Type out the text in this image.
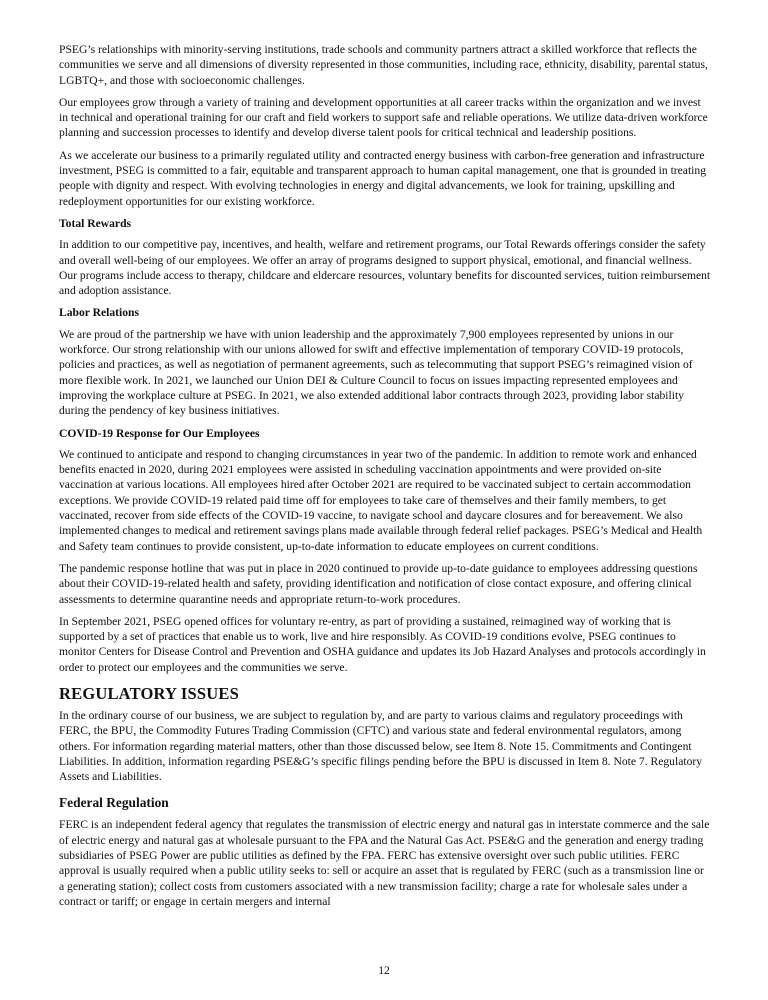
PSEG’s relationships with minority-serving institutions, trade schools and community partners attract a skilled workforce that reflects the communities we serve and all dimensions of diversity represented in those communities, including race, ethnicity, disability, parental status, LGBTQ+, and those with socioeconomic challenges.

Our employees grow through a variety of training and development opportunities at all career tracks within the organization and we invest in technical and operational training for our craft and field workers to support safe and reliable operations. We utilize data-driven workforce planning and succession processes to identify and develop diverse talent pools for critical technical and leadership positions.

As we accelerate our business to a primarily regulated utility and contracted energy business with carbon-free generation and infrastructure investment, PSEG is committed to a fair, equitable and transparent approach to human capital management, one that is grounded in treating people with dignity and respect. With evolving technologies in energy and digital advancements, we look for training, upskilling and redeployment opportunities for our existing workforce.

Total Rewards

In addition to our competitive pay, incentives, and health, welfare and retirement programs, our Total Rewards offerings consider the safety and overall well-being of our employees. We offer an array of programs designed to support physical, emotional, and financial wellness. Our programs include access to therapy, childcare and eldercare resources, voluntary benefits for discounted services, tuition reimbursement and adoption assistance.

Labor Relations

We are proud of the partnership we have with union leadership and the approximately 7,900 employees represented by unions in our workforce. Our strong relationship with our unions allowed for swift and effective implementation of temporary COVID-19 protocols, policies and practices, as well as negotiation of permanent agreements, such as telecommuting that support PSEG’s reimagined vision of more flexible work. In 2021, we launched our Union DEI & Culture Council to focus on issues impacting represented employees and improving the workplace culture at PSEG. In 2021, we also extended additional labor contracts through 2023, providing labor stability during the pendency of key business initiatives.

COVID-19 Response for Our Employees

We continued to anticipate and respond to changing circumstances in year two of the pandemic. In addition to remote work and enhanced benefits enacted in 2020, during 2021 employees were assisted in scheduling vaccination appointments and were provided on-site vaccination at various locations. All employees hired after October 2021 are required to be vaccinated subject to certain accommodation exceptions. We provide COVID-19 related paid time off for employees to take care of themselves and their family members, to get vaccinated, recover from side effects of the COVID-19 vaccine, to navigate school and daycare closures and for bereavement. We also implemented changes to medical and retirement savings plans made available through federal relief packages. PSEG’s Medical and Health and Safety team continues to provide consistent, up-to-date information to educate employees on current conditions.

The pandemic response hotline that was put in place in 2020 continued to provide up-to-date guidance to employees addressing questions about their COVID-19-related health and safety, providing identification and notification of close contact exposure, and offering clinical assessments to determine quarantine needs and appropriate return-to-work procedures.

In September 2021, PSEG opened offices for voluntary re-entry, as part of providing a sustained, reimagined way of working that is supported by a set of practices that enable us to work, live and hire responsibly. As COVID-19 conditions evolve, PSEG continues to monitor Centers for Disease Control and Prevention and OSHA guidance and updates its Job Hazard Analyses and protocols accordingly in order to protect our employees and the communities we serve.

REGULATORY ISSUES

In the ordinary course of our business, we are subject to regulation by, and are party to various claims and regulatory proceedings with FERC, the BPU, the Commodity Futures Trading Commission (CFTC) and various state and federal environmental regulators, among others. For information regarding material matters, other than those discussed below, see Item 8. Note 15. Commitments and Contingent Liabilities. In addition, information regarding PSE&G’s specific filings pending before the BPU is discussed in Item 8. Note 7. Regulatory Assets and Liabilities.

Federal Regulation

FERC is an independent federal agency that regulates the transmission of electric energy and natural gas in interstate commerce and the sale of electric energy and natural gas at wholesale pursuant to the FPA and the Natural Gas Act. PSE&G and the generation and energy trading subsidiaries of PSEG Power are public utilities as defined by the FPA. FERC has extensive oversight over such public utilities. FERC approval is usually required when a public utility seeks to: sell or acquire an asset that is regulated by FERC (such as a transmission line or a generating station); collect costs from customers associated with a new transmission facility; charge a rate for wholesale sales under a contract or tariff; or engage in certain mergers and internal

12
